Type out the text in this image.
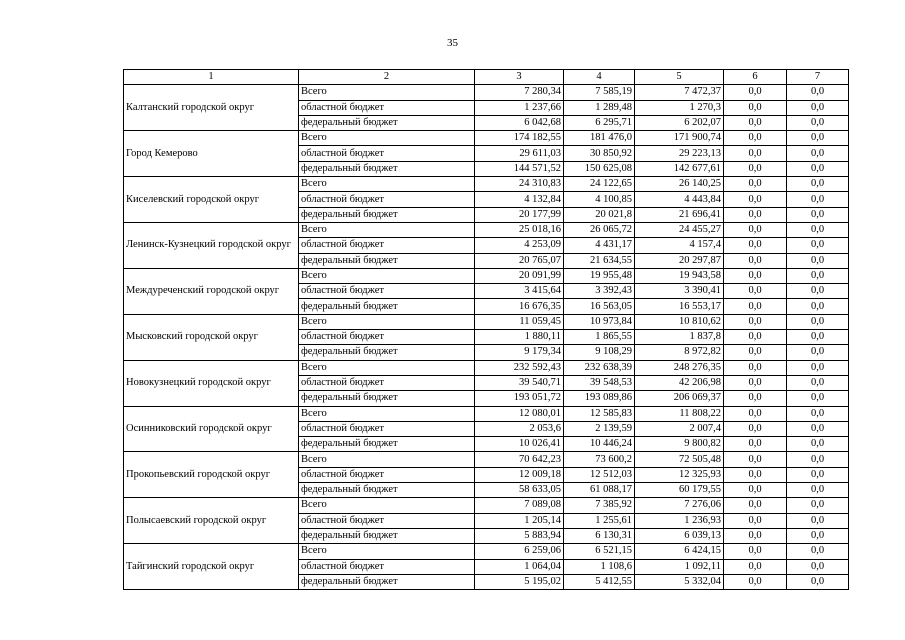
35
1	2	3	4	5	6	7
Калтанский городской округ	Всего	7 280,34	7 585,19	7 472,37	0,0	0,0
	областной бюджет	1 237,66	1 289,48	1 270,3	0,0	0,0
	федеральный бюджет	6 042,68	6 295,71	6 202,07	0,0	0,0
Город Кемерово	Всего	174 182,55	181 476,0	171 900,74	0,0	0,0
	областной бюджет	29 611,03	30 850,92	29 223,13	0,0	0,0
	федеральный бюджет	144 571,52	150 625,08	142 677,61	0,0	0,0
Киселевский городской округ	Всего	24 310,83	24 122,65	26 140,25	0,0	0,0
	областной бюджет	4 132,84	4 100,85	4 443,84	0,0	0,0
	федеральный бюджет	20 177,99	20 021,8	21 696,41	0,0	0,0
Ленинск-Кузнецкий городской округ	Всего	25 018,16	26 065,72	24 455,27	0,0	0,0
	областной бюджет	4 253,09	4 431,17	4 157,4	0,0	0,0
	федеральный бюджет	20 765,07	21 634,55	20 297,87	0,0	0,0
Междуреченский городской округ	Всего	20 091,99	19 955,48	19 943,58	0,0	0,0
	областной бюджет	3 415,64	3 392,43	3 390,41	0,0	0,0
	федеральный бюджет	16 676,35	16 563,05	16 553,17	0,0	0,0
Мысковский городской округ	Всего	11 059,45	10 973,84	10 810,62	0,0	0,0
	областной бюджет	1 880,11	1 865,55	1 837,8	0,0	0,0
	федеральный бюджет	9 179,34	9 108,29	8 972,82	0,0	0,0
Новокузнецкий городской округ	Всего	232 592,43	232 638,39	248 276,35	0,0	0,0
	областной бюджет	39 540,71	39 548,53	42 206,98	0,0	0,0
	федеральный бюджет	193 051,72	193 089,86	206 069,37	0,0	0,0
Осинниковский городской округ	Всего	12 080,01	12 585,83	11 808,22	0,0	0,0
	областной бюджет	2 053,6	2 139,59	2 007,4	0,0	0,0
	федеральный бюджет	10 026,41	10 446,24	9 800,82	0,0	0,0
Прокопьевский городской округ	Всего	70 642,23	73 600,2	72 505,48	0,0	0,0
	областной бюджет	12 009,18	12 512,03	12 325,93	0,0	0,0
	федеральный бюджет	58 633,05	61 088,17	60 179,55	0,0	0,0
Полысаевский городской округ	Всего	7 089,08	7 385,92	7 276,06	0,0	0,0
	областной бюджет	1 205,14	1 255,61	1 236,93	0,0	0,0
	федеральный бюджет	5 883,94	6 130,31	6 039,13	0,0	0,0
Тайгинский городской округ	Всего	6 259,06	6 521,15	6 424,15	0,0	0,0
	областной бюджет	1 064,04	1 108,6	1 092,11	0,0	0,0
	федеральный бюджет	5 195,02	5 412,55	5 332,04	0,0	0,0
